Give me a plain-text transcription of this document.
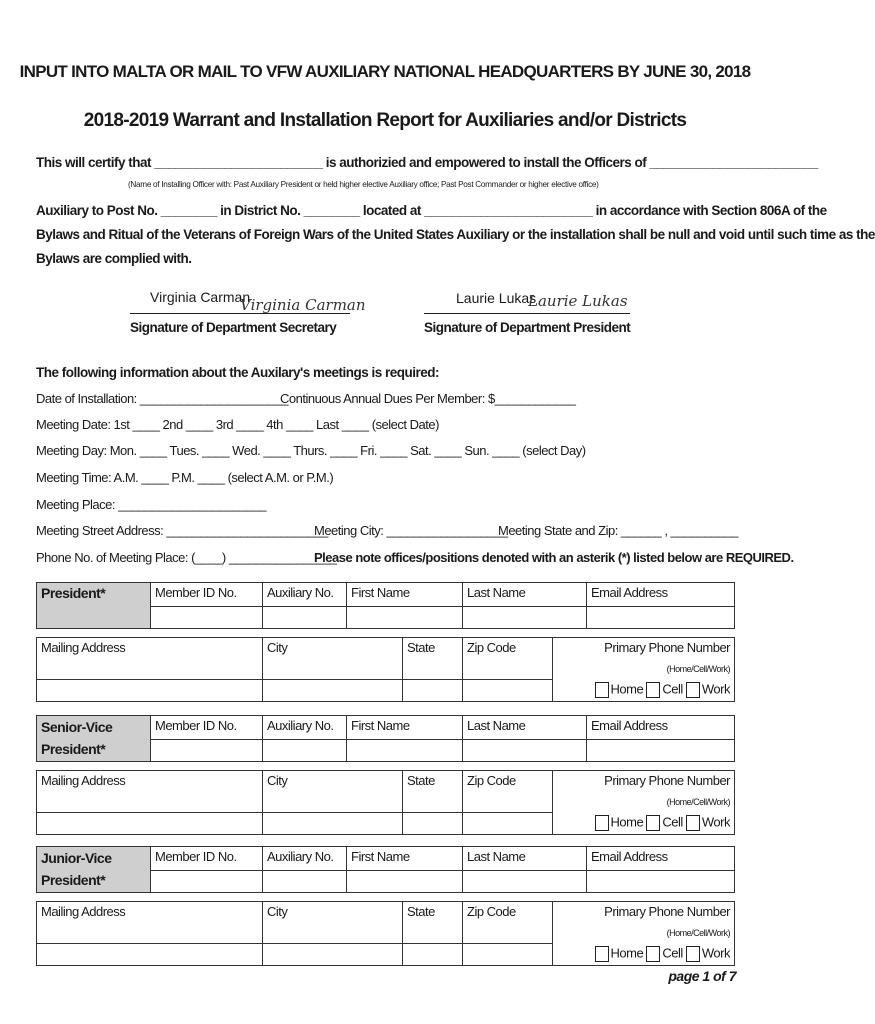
INPUT INTO MALTA OR MAIL TO VFW AUXILIARY NATIONAL HEADQUARTERS BY JUNE 30, 2018
2018-2019 Warrant and Installation Report for Auxiliaries and/or Districts
This will certify that ________________________ is authorizied and empowered to install the Officers of ________________________
(Name of Installing Officer with: Past Auxiliary President or held higher elective Auxiliary office; Past Post Commander or higher elective office)
Auxiliary to Post No. ________ in District No. ________ located at ________________________ in accordance with Section 806A of the
Bylaws and Ritual of the Veterans of Foreign Wars of the United States Auxiliary or the installation shall be null and void until such time as the
Bylaws are complied with.
Virginia Carman
Virginia Carman
Signature of Department Secretary
Laurie Lukas
Laurie Lukas
Signature of Department President
The following information about the Auxilary's meetings is required:
Date of Installation: ______________________
Continuous Annual Dues Per Member: $____________
Meeting Date: 1st ____ 2nd ____ 3rd ____ 4th ____ Last ____ (select Date)
Meeting Day: Mon. ____ Tues. ____ Wed. ____ Thurs. ____ Fri. ____ Sat. ____ Sun. ____ (select Day)
Meeting Time: A.M. ____ P.M. ____ (select A.M. or P.M.)
Meeting Place: ______________________
Meeting Street Address: ________________________
Meeting City: __________________
Meeting State and Zip: ______ , __________
Phone No. of Meeting Place: (____) ________________
Please note offices/positions denoted with an asterik (*) listed below are REQUIRED.
President*	Member ID No.	Auxiliary No.	First Name		Last Name		Email Address

Mailing Address		City		State	Zip Code	Primary Phone Number (Home/Cell/Work)	
						Home Cell Work	
Senior-Vice President*	Member ID No.	Auxiliary No.	First Name		Last Name		Email Address

Mailing Address		City		State	Zip Code	Primary Phone Number (Home/Cell/Work)	
						Home Cell Work	
Junior-Vice President*	Member ID No.	Auxiliary No.	First Name		Last Name		Email Address

Mailing Address		City		State	Zip Code	Primary Phone Number (Home/Cell/Work)	
						Home Cell Work	
page 1 of 7
